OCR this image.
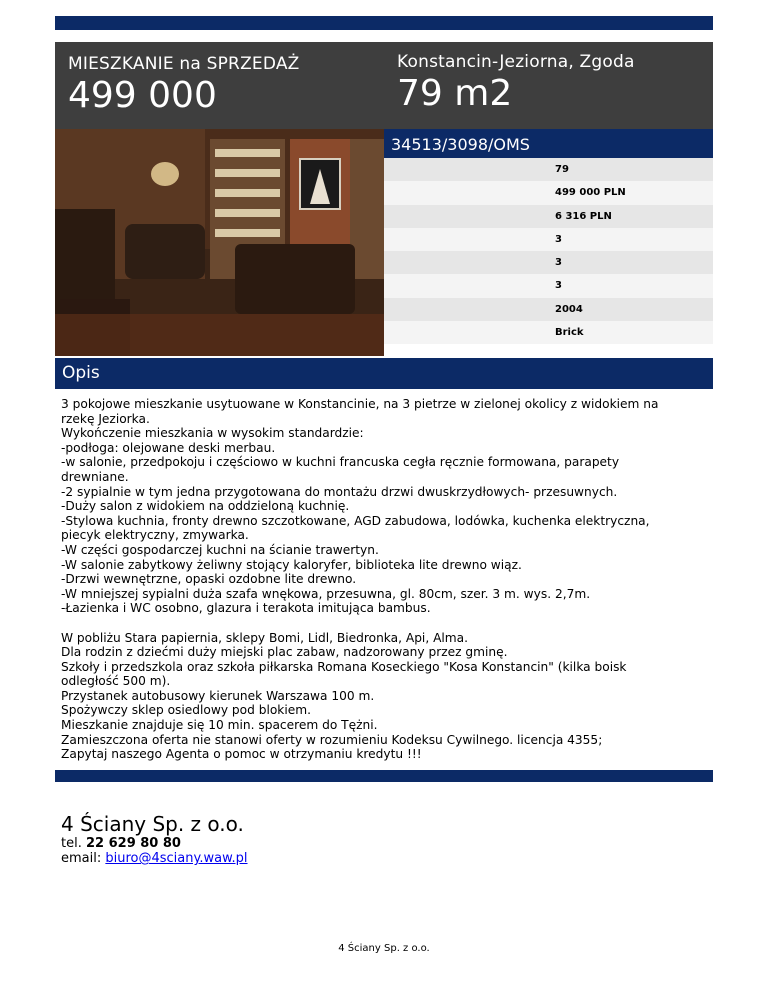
MIESZKANIE na SPRZEDAŻ
499 000
Konstancin-Jeziorna, Zgoda
79 m2
34513/3098/OMS
79
499 000 PLN
6 316 PLN
3
3
3
2004
Brick
Opis
3 pokojowe mieszkanie usytuowane w Konstancinie, na 3 pietrze w zielonej okolicy z widokiem na
rzekę Jeziorka.
Wykończenie mieszkania w wysokim standardzie:
-podłoga: olejowane deski merbau.
-w salonie, przedpokoju i częściowo w kuchni francuska cegła ręcznie formowana, parapety
drewniane.
-2 sypialnie w tym jedna przygotowana do montażu drzwi dwuskrzydłowych- przesuwnych.
-Duży salon z widokiem na oddzieloną kuchnię.
-Stylowa kuchnia, fronty drewno szczotkowane, AGD zabudowa, lodówka, kuchenka elektryczna,
piecyk elektryczny, zmywarka.
-W części gospodarczej kuchni na ścianie trawertyn.
-W salonie zabytkowy żeliwny stojący kaloryfer, biblioteka lite drewno wiąz.
-Drzwi wewnętrzne, opaski ozdobne lite drewno.
-W mniejszej sypialni duża szafa wnękowa, przesuwna, gl. 80cm, szer. 3 m. wys. 2,7m.
-Łazienka i WC osobno, glazura i terakota imitująca bambus.
W pobliżu Stara papiernia, sklepy Bomi, Lidl, Biedronka, Api, Alma.
Dla rodzin z dziećmi duży miejski plac zabaw, nadzorowany przez gminę.
Szkoły i przedszkola oraz szkoła piłkarska Romana Koseckiego "Kosa Konstancin" (kilka boisk
odległość 500 m).
Przystanek autobusowy kierunek Warszawa 100 m.
Spożywczy sklep osiedlowy pod blokiem.
Mieszkanie znajduje się 10 min. spacerem do Tężni.
Zamieszczona oferta nie stanowi oferty w rozumieniu Kodeksu Cywilnego. licencja 4355;
Zapytaj naszego Agenta o pomoc w otrzymaniu kredytu !!!
4 Ściany Sp. z o.o.
tel. 22 629 80 80
email: biuro@4sciany.waw.pl
4 Ściany Sp. z o.o.
